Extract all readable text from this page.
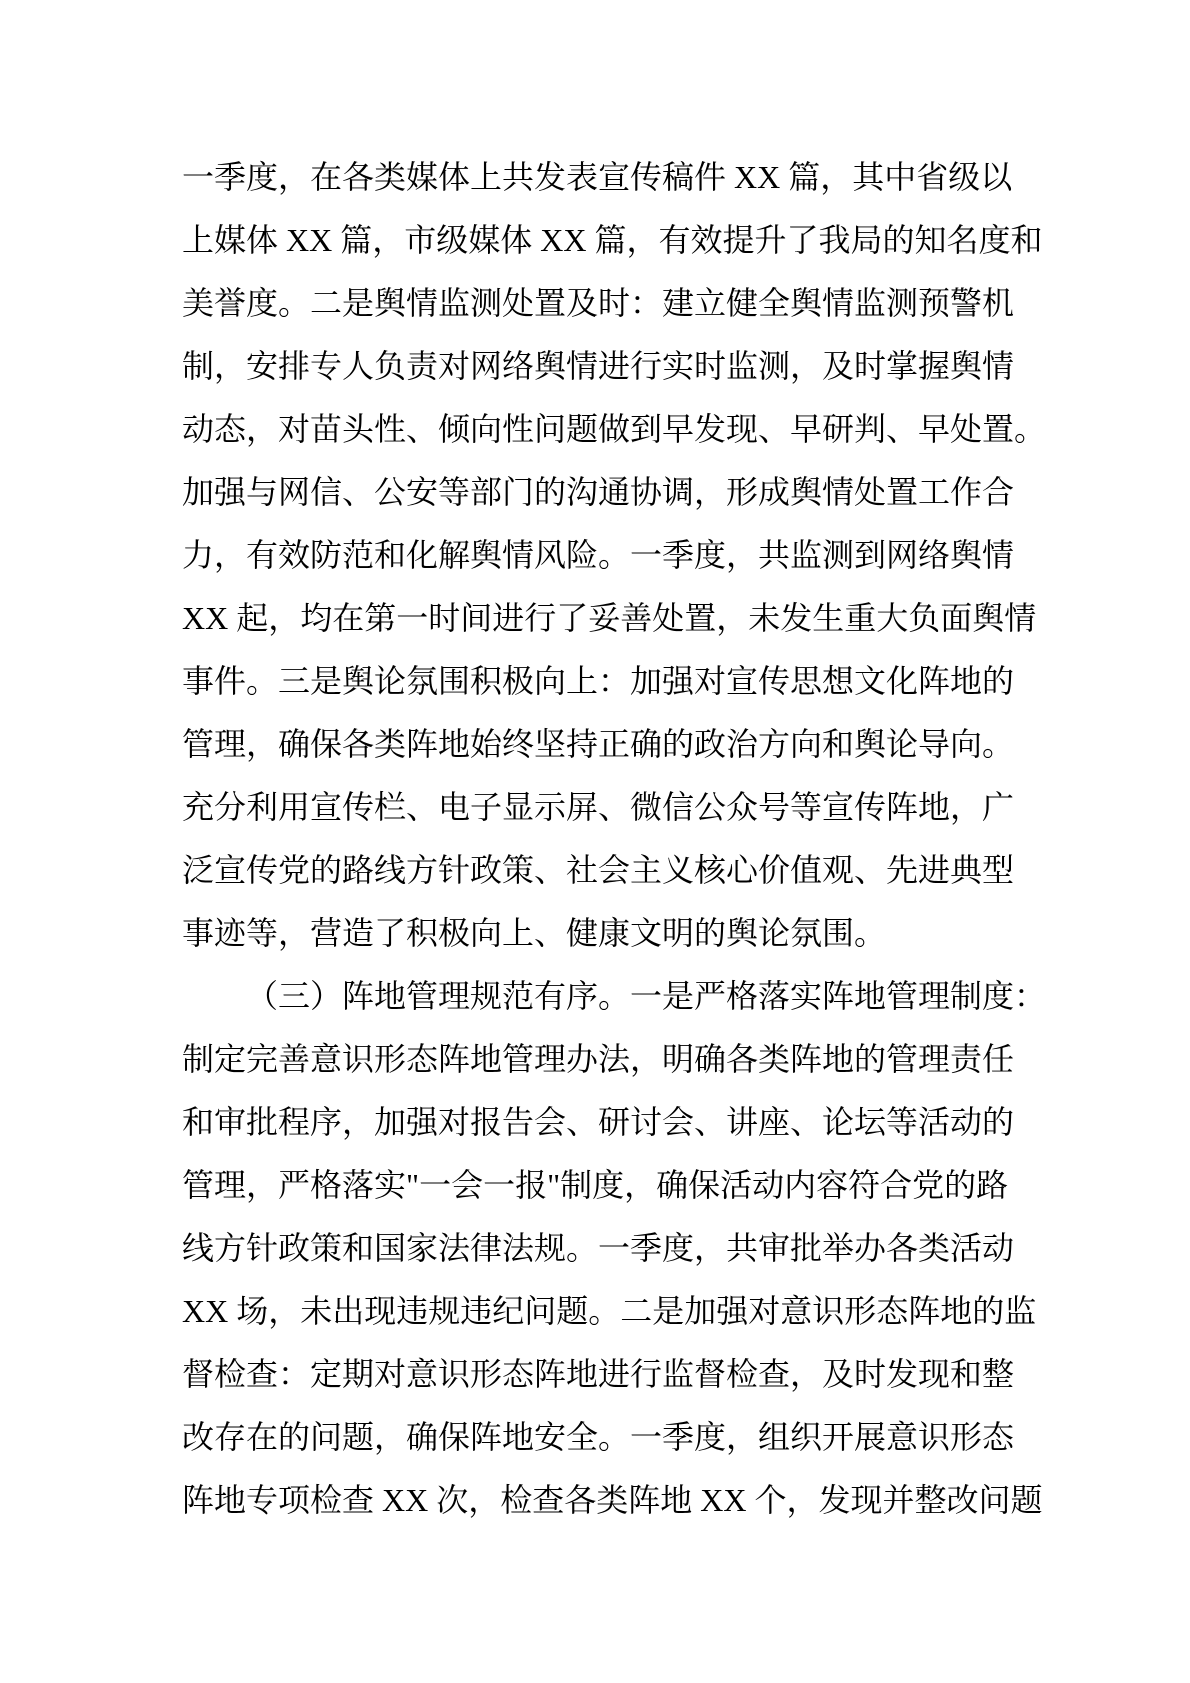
一季度，在各类媒体上共发表宣传稿件 XX 篇，其中省级以
上媒体 XX 篇，市级媒体 XX 篇，有效提升了我局的知名度和
美誉度。二是舆情监测处置及时：建立健全舆情监测预警机
制，安排专人负责对网络舆情进行实时监测，及时掌握舆情
动态，对苗头性、倾向性问题做到早发现、早研判、早处置。
加强与网信、公安等部门的沟通协调，形成舆情处置工作合
力，有效防范和化解舆情风险。一季度，共监测到网络舆情
XX 起，均在第一时间进行了妥善处置，未发生重大负面舆情
事件。三是舆论氛围积极向上：加强对宣传思想文化阵地的
管理，确保各类阵地始终坚持正确的政治方向和舆论导向。
充分利用宣传栏、电子显示屏、微信公众号等宣传阵地，广
泛宣传党的路线方针政策、社会主义核心价值观、先进典型
事迹等，营造了积极向上、健康文明的舆论氛围。
（三）阵地管理规范有序。一是严格落实阵地管理制度：
制定完善意识形态阵地管理办法，明确各类阵地的管理责任
和审批程序，加强对报告会、研讨会、讲座、论坛等活动的
管理，严格落实"一会一报"制度，确保活动内容符合党的路
线方针政策和国家法律法规。一季度，共审批举办各类活动
XX 场，未出现违规违纪问题。二是加强对意识形态阵地的监
督检查：定期对意识形态阵地进行监督检查，及时发现和整
改存在的问题，确保阵地安全。一季度，组织开展意识形态
阵地专项检查 XX 次，检查各类阵地 XX 个，发现并整改问题
